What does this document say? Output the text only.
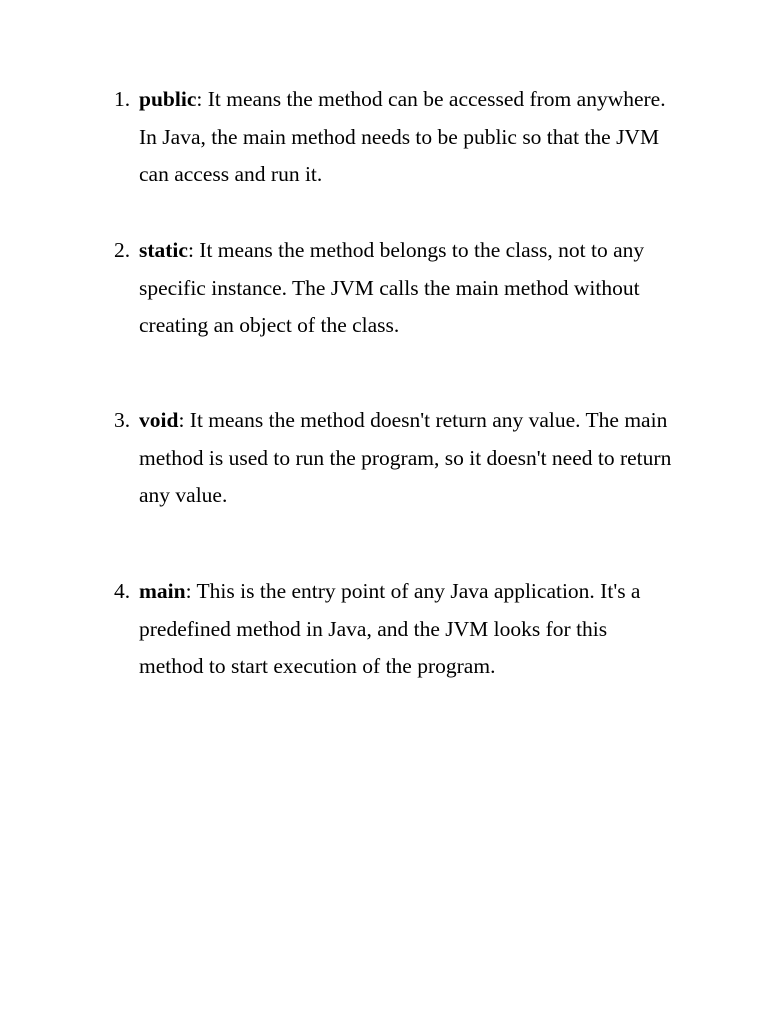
1. public: It means the method can be accessed from anywhere. In Java, the main method needs to be public so that the JVM can access and run it.
2. static: It means the method belongs to the class, not to any specific instance. The JVM calls the main method without creating an object of the class.
3. void: It means the method doesn't return any value. The main method is used to run the program, so it doesn't need to return any value.
4. main: This is the entry point of any Java application. It's a predefined method in Java, and the JVM looks for this method to start execution of the program.
